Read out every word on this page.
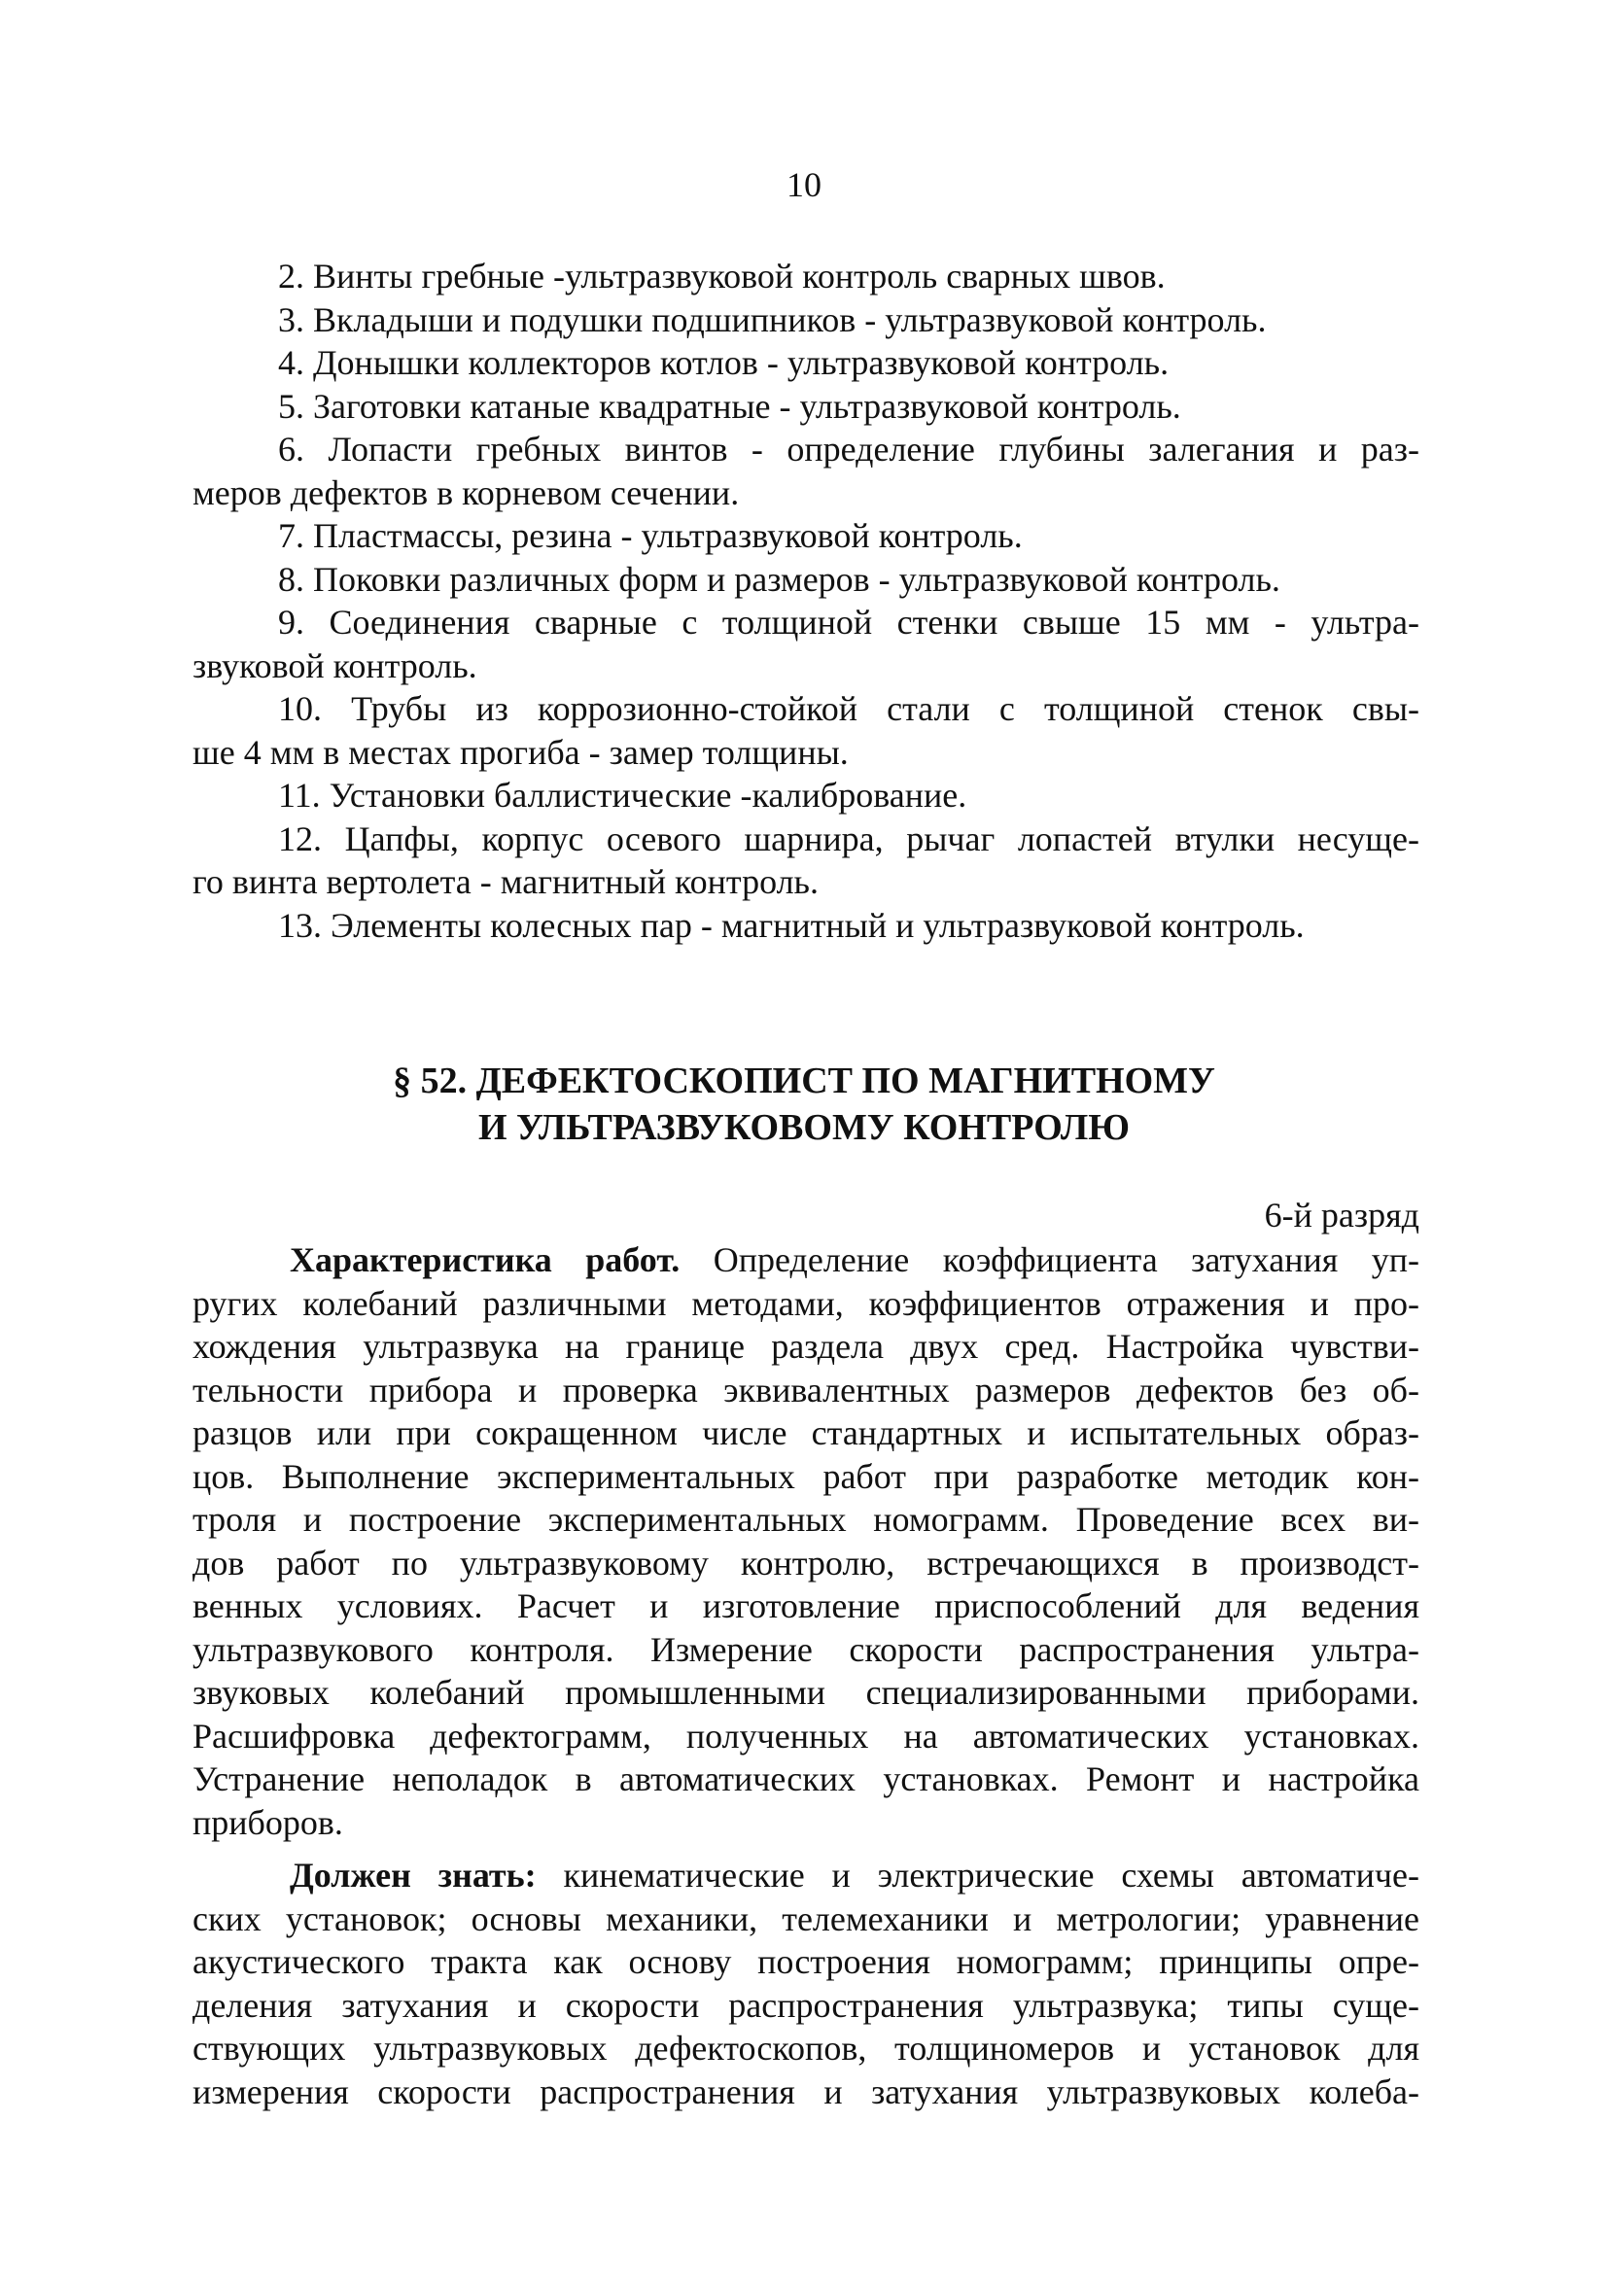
10
2. Винты гребные -ультразвуковой контроль сварных швов.
3. Вкладыши и подушки подшипников - ультразвуковой контроль.
4. Донышки коллекторов котлов - ультразвуковой контроль.
5. Заготовки катаные квадратные - ультразвуковой контроль.
6. Лопасти гребных винтов - определение глубины залегания и раз-
меров дефектов в корневом сечении.
7. Пластмассы, резина - ультразвуковой контроль.
8. Поковки различных форм и размеров - ультразвуковой контроль.
9. Соединения сварные с толщиной стенки свыше 15 мм - ультра-
звуковой контроль.
10. Трубы из коррозионно-стойкой стали с толщиной стенок свы-
ше 4 мм в местах прогиба - замер толщины.
11. Установки баллистические -калибрование.
12. Цапфы, корпус осевого шарнира, рычаг лопастей втулки несуще-
го винта вертолета - магнитный контроль.
13. Элементы колесных пар - магнитный и ультразвуковой контроль.
§ 52. ДЕФЕКТОСКОПИСТ ПО МАГНИТНОМУ
И УЛЬТРАЗВУКОВОМУ КОНТРОЛЮ
6-й разряд
Характеристика работ. Определение коэффициента затухания уп-
ругих колебаний различными методами, коэффициентов отражения и про-
хождения ультразвука на границе раздела двух сред. Настройка чувстви-
тельности прибора и проверка эквивалентных размеров дефектов без об-
разцов или при сокращенном числе стандартных и испытательных образ-
цов. Выполнение экспериментальных работ при разработке методик кон-
троля и построение экспериментальных номограмм. Проведение всех ви-
дов работ по ультразвуковому контролю, встречающихся в производст-
венных условиях. Расчет и изготовление приспособлений для ведения
ультразвукового контроля. Измерение скорости распространения ультра-
звуковых колебаний промышленными специализированными приборами.
Расшифровка дефектограмм, полученных на автоматических установках.
Устранение неполадок в автоматических установках. Ремонт и настройка
приборов.
Должен знать: кинематические и электрические схемы автоматиче-
ских установок; основы механики, телемеханики и метрологии; уравнение
акустического тракта как основу построения номограмм; принципы опре-
деления затухания и скорости распространения ультразвука; типы суще-
ствующих ультразвуковых дефектоскопов, толщиномеров и установок для
измерения скорости распространения и затухания ультразвуковых колеба-
